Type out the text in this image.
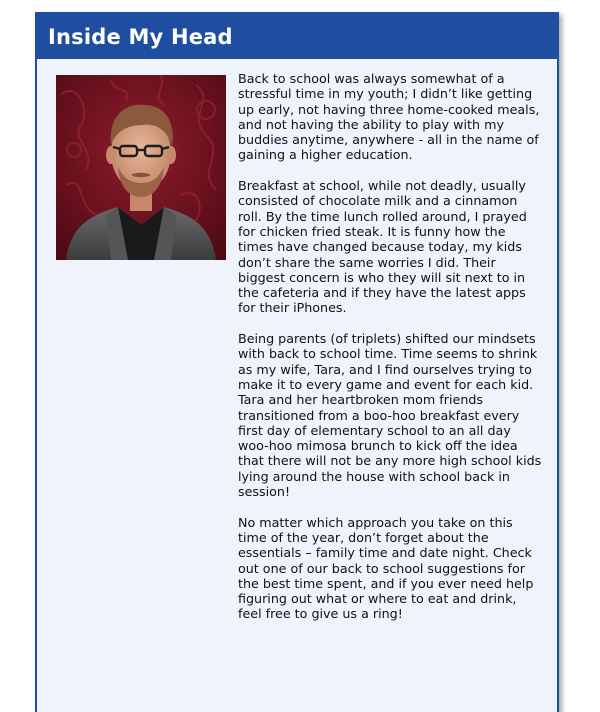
Inside My Head

Back to school was always somewhat of a stressful time in my youth; I didn’t like getting up early, not having three home-cooked meals, and not having the ability to play with my buddies anytime, anywhere - all in the name of gaining a higher education.

Breakfast at school, while not deadly, usually consisted of chocolate milk and a cinnamon roll. By the time lunch rolled around, I prayed for chicken fried steak. It is funny how the times have changed because today, my kids don’t share the same worries I did. Their biggest concern is who they will sit next to in the cafeteria and if they have the latest apps for their iPhones.

Being parents (of triplets) shifted our mindsets with back to school time. Time seems to shrink as my wife, Tara, and I find ourselves trying to make it to every game and event for each kid. Tara and her heartbroken mom friends transitioned from a boo-hoo breakfast every first day of elementary school to an all day woo-hoo mimosa brunch to kick off the idea that there will not be any more high school kids lying around the house with school back in session!

No matter which approach you take on this time of the year, don’t forget about the essentials – family time and date night. Check out one of our back to school suggestions for the best time spent, and if you ever need help figuring out what or where to eat and drink, feel free to give us a ring!
